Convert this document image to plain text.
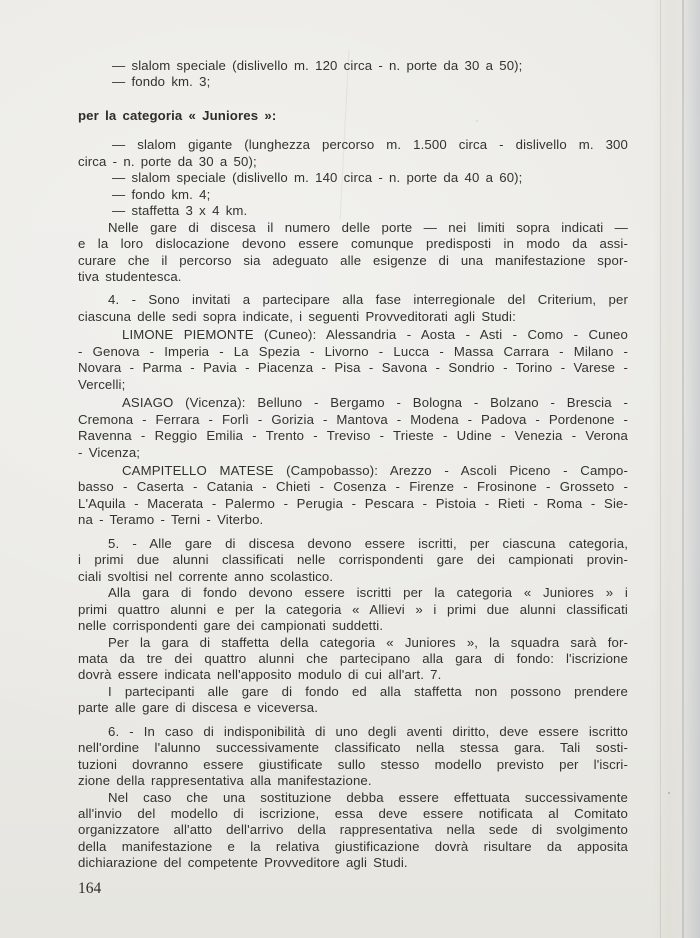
— slalom speciale (dislivello m. 120 circa - n. porte da 30 a 50);
— fondo km. 3;
per la categoria « Juniores »:
— slalom gigante (lunghezza percorso m. 1.500 circa - dislivello m. 300
circa - n. porte da 30 a 50);
— slalom speciale (dislivello m. 140 circa - n. porte da 40 a 60);
— fondo km. 4;
— staffetta 3 x 4 km.
Nelle gare di discesa il numero delle porte — nei limiti sopra indicati —
e la loro dislocazione devono essere comunque predisposti in modo da assi-
curare che il percorso sia adeguato alle esigenze di una manifestazione spor-
tiva studentesca.
4. - Sono invitati a partecipare alla fase interregionale del Criterium, per
ciascuna delle sedi sopra indicate, i seguenti Provveditorati agli Studi:
LIMONE PIEMONTE (Cuneo): Alessandria - Aosta - Asti - Como - Cuneo
- Genova - Imperia - La Spezia - Livorno - Lucca - Massa Carrara - Milano -
Novara - Parma - Pavia - Piacenza - Pisa - Savona - Sondrio - Torino - Varese -
Vercelli;
ASIAGO (Vicenza): Belluno - Bergamo - Bologna - Bolzano - Brescia -
Cremona - Ferrara - Forlì - Gorizia - Mantova - Modena - Padova - Pordenone -
Ravenna - Reggio Emilia - Trento - Treviso - Trieste - Udine - Venezia - Verona
- Vicenza;
CAMPITELLO MATESE (Campobasso): Arezzo - Ascoli Piceno - Campo-
basso - Caserta - Catania - Chieti - Cosenza - Firenze - Frosinone - Grosseto -
L'Aquila - Macerata - Palermo - Perugia - Pescara - Pistoia - Rieti - Roma - Sie-
na - Teramo - Terni - Viterbo.
5. - Alle gare di discesa devono essere iscritti, per ciascuna categoria,
i primi due alunni classificati nelle corrispondenti gare dei campionati provin-
ciali svoltisi nel corrente anno scolastico.
Alla gara di fondo devono essere iscritti per la categoria « Juniores » i
primi quattro alunni e per la categoria « Allievi » i primi due alunni classificati
nelle corrispondenti gare dei campionati suddetti.
Per la gara di staffetta della categoria « Juniores », la squadra sarà for-
mata da tre dei quattro alunni che partecipano alla gara di fondo: l'iscrizione
dovrà essere indicata nell'apposito modulo di cui all'art. 7.
I partecipanti alle gare di fondo ed alla staffetta non possono prendere
parte alle gare di discesa e viceversa.
6. - In caso di indisponibilità di uno degli aventi diritto, deve essere iscritto
nell'ordine l'alunno successivamente classificato nella stessa gara. Tali sosti-
tuzioni dovranno essere giustificate sullo stesso modello previsto per l'iscri-
zione della rappresentativa alla manifestazione.
Nel caso che una sostituzione debba essere effettuata successivamente
all'invio del modello di iscrizione, essa deve essere notificata al Comitato
organizzatore all'atto dell'arrivo della rappresentativa nella sede di svolgimento
della manifestazione e la relativa giustificazione dovrà risultare da apposita
dichiarazione del competente Provveditore agli Studi.
164
